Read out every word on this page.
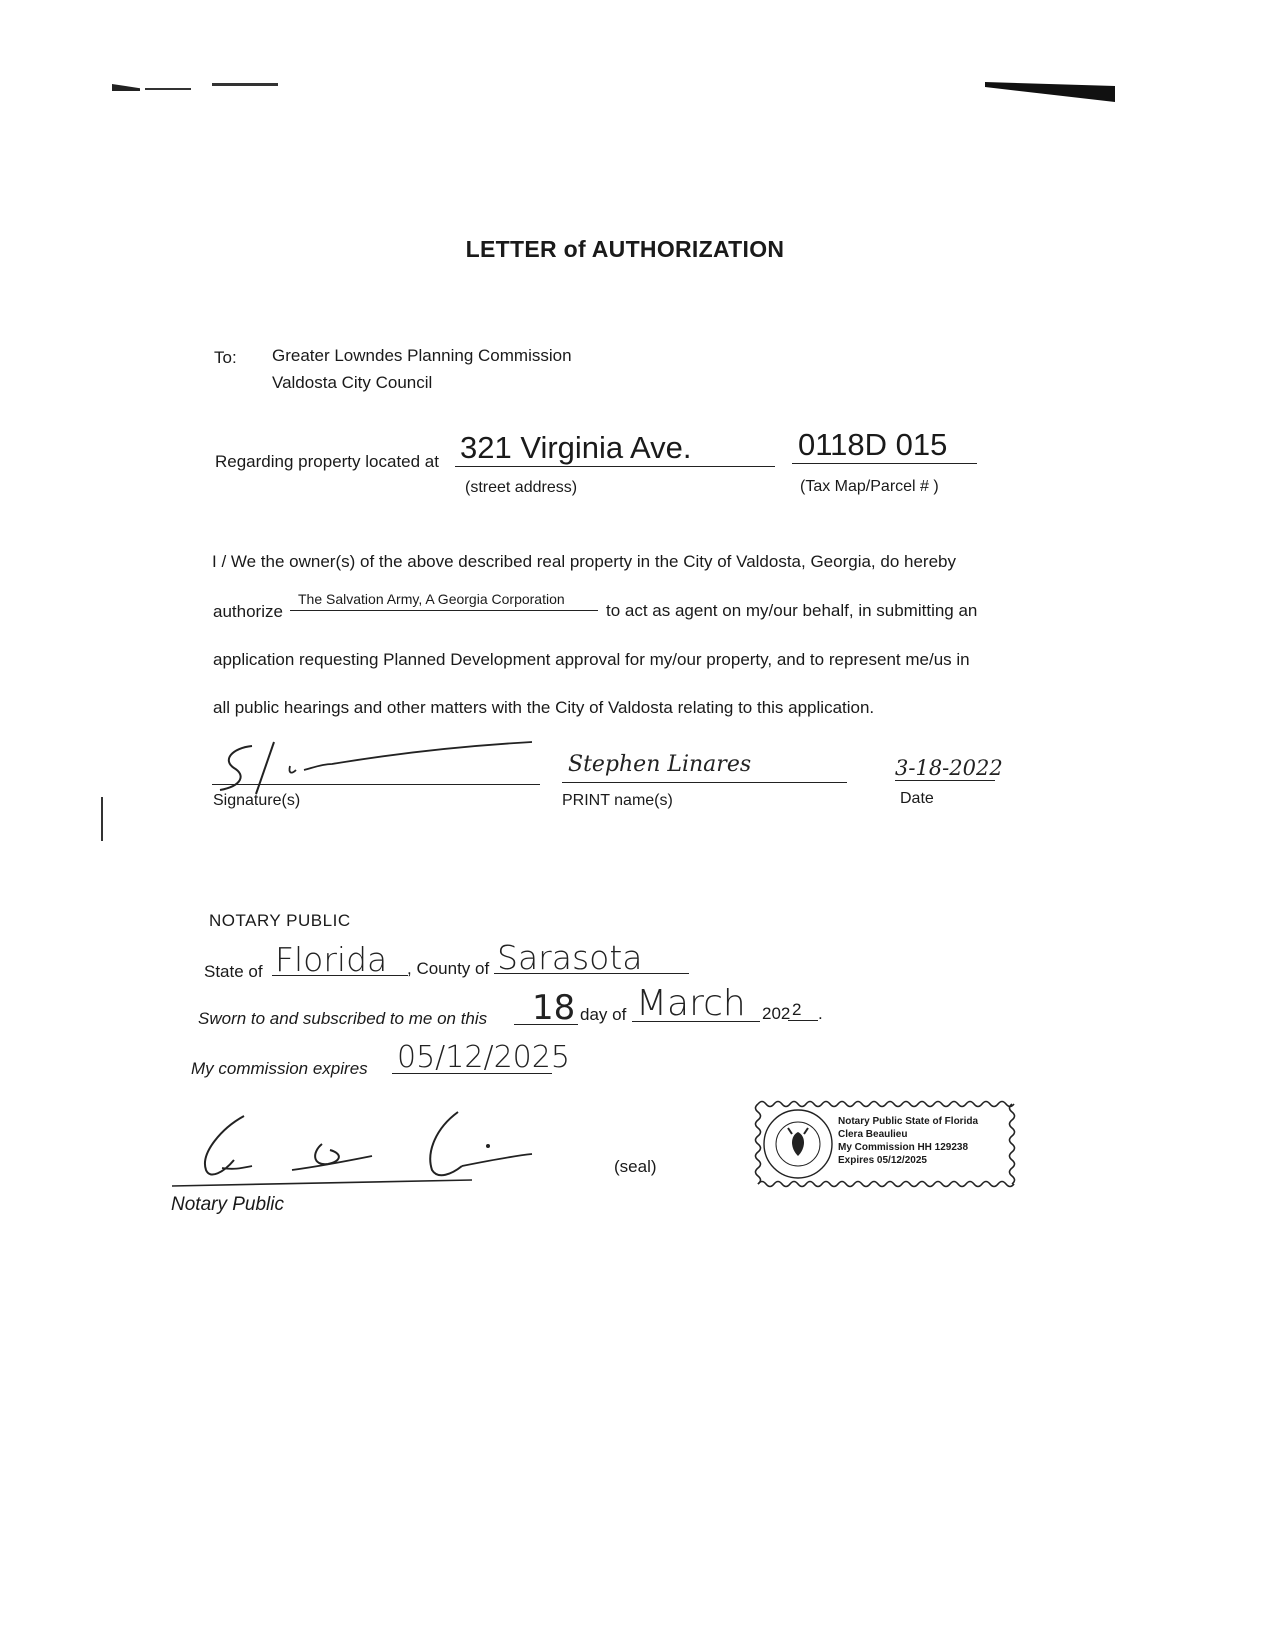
LETTER of AUTHORIZATION
To: Greater Lowndes Planning Commission
Valdosta City Council
Regarding property located at 321 Virginia Ave.
(street address)
0118D 015
(Tax Map/Parcel # )
I / We the owner(s) of the above described real property in the City of Valdosta, Georgia, do hereby
authorize
The Salvation Army, A Georgia Corporation
to act as agent on my/our behalf, in submitting an
application requesting Planned Development approval for my/our property, and to represent me/us in
all public hearings and other matters with the City of Valdosta relating to this application.
Signature(s)
Stephen Linares
PRINT name(s)
3-18-2022
Date
NOTARY PUBLIC
State of Florida , County of Sarasota
Sworn to and subscribed to me on this 18 day of March 202 2 .
My commission expires 05/12/2025
Notary Public
(seal)
Notary Public State of Florida
Clera Beaulieu
My Commission HH 129238
Expires 05/12/2025
